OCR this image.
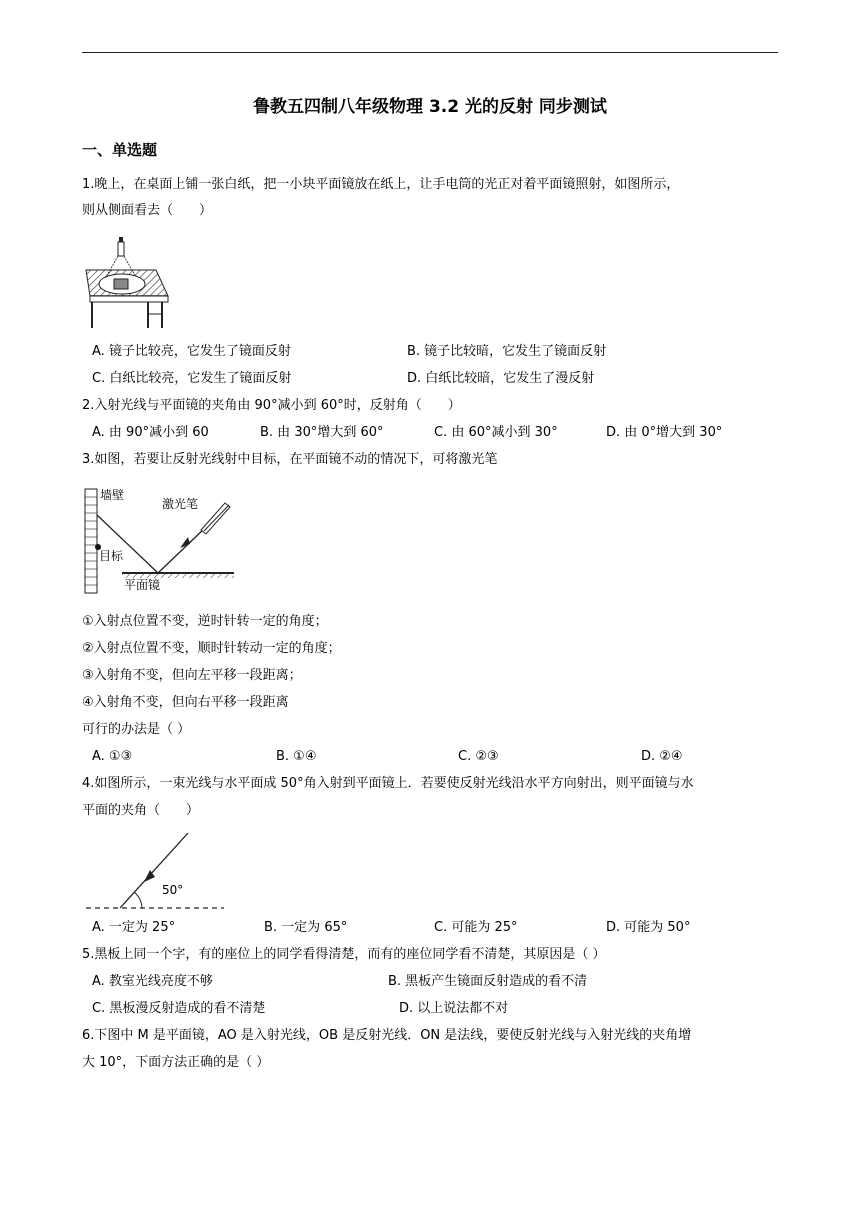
鲁教五四制八年级物理 3.2 光的反射 同步测试
一、单选题
1.晚上，在桌面上铺一张白纸，把一小块平面镜放在纸上，让手电筒的光正对着平面镜照射，如图所示，
则从侧面看去（　　）
A. 镜子比较亮，它发生了镜面反射	B. 镜子比较暗，它发生了镜面反射
C. 白纸比较亮，它发生了镜面反射	D. 白纸比较暗，它发生了漫反射
2.入射光线与平面镜的夹角由 90°减小到 60°时，反射角（　　）
A. 由 90°减小到 60	B. 由 30°增大到 60°	C. 由 60°减小到 30°	D. 由 0°增大到 30°
3.如图，若要让反射光线射中目标，在平面镜不动的情况下，可将激光笔
墙壁
激光笔
目标
平面镜
①入射点位置不变，逆时针转一定的角度；
②入射点位置不变，顺时针转动一定的角度；
③入射角不变，但向左平移一段距离；
④入射角不变，但向右平移一段距离
可行的办法是（ ）
A. ①③	B. ①④	C. ②③	D. ②④
4.如图所示，一束光线与水平面成 50°角入射到平面镜上．若要使反射光线沿水平方向射出，则平面镜与水
平面的夹角（　　）
50°
A. 一定为 25°	B. 一定为 65°	C. 可能为 25°	D. 可能为 50°
5.黑板上同一个字，有的座位上的同学看得清楚，而有的座位同学看不清楚，其原因是（ ）
A. 教室光线亮度不够	B. 黑板产生镜面反射造成的看不清
C. 黑板漫反射造成的看不清楚	D. 以上说法都不对
6.下图中 M 是平面镜，AO 是入射光线，OB 是反射光线．ON 是法线，要使反射光线与入射光线的夹角增
大 10°，下面方法正确的是（ ）
